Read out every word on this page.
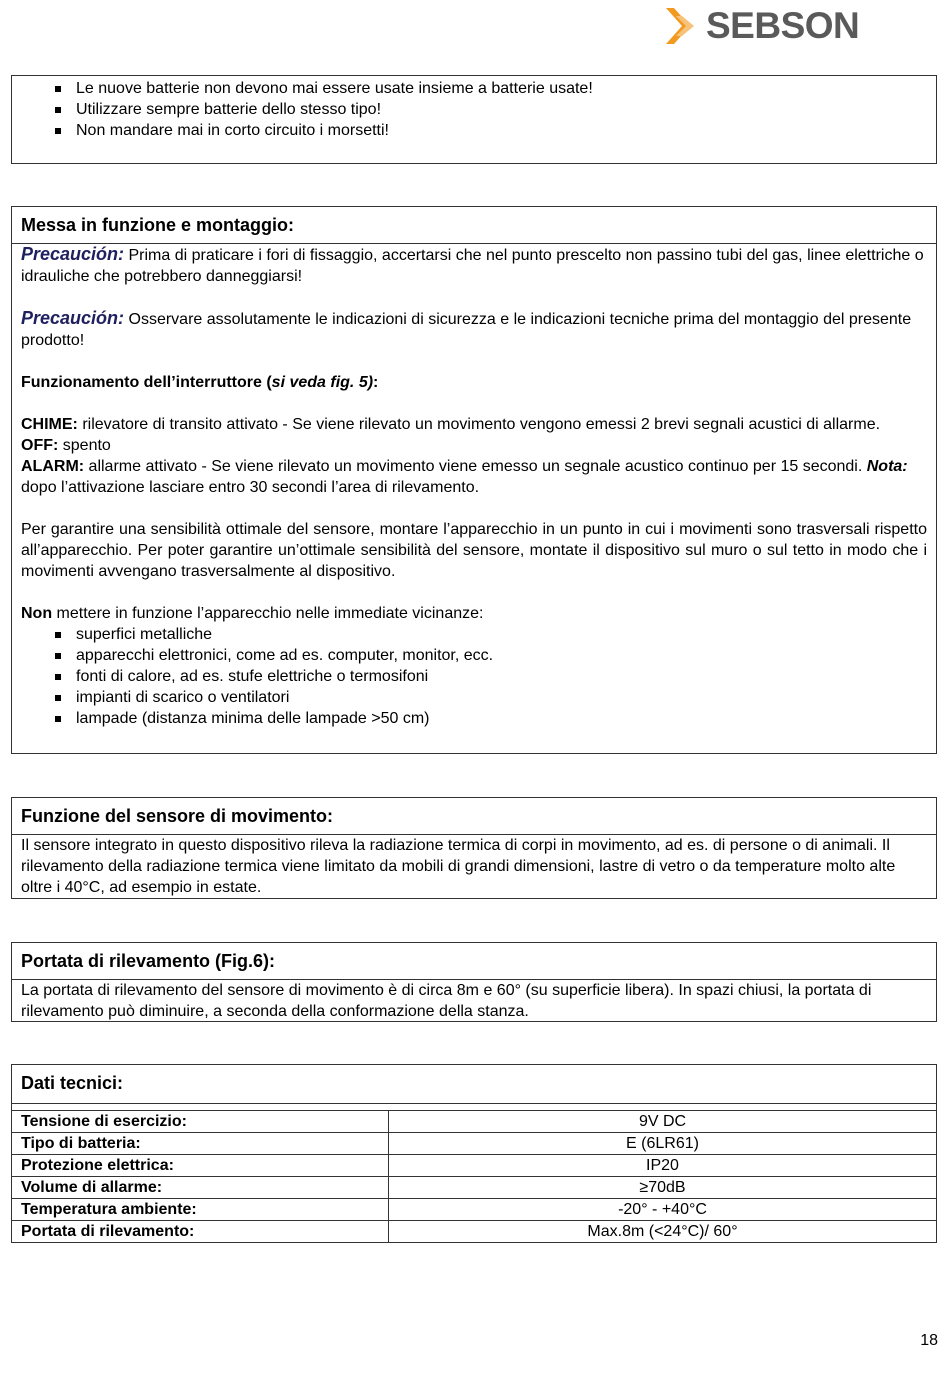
SEBSON
Le nuove batterie non devono mai essere usate insieme a batterie usate!
Utilizzare sempre batterie dello stesso tipo!
Non mandare mai in corto circuito i morsetti!
Messa in funzione e montaggio:

Precaución: Prima di praticare i fori di fissaggio, accertarsi che nel punto prescelto non passino tubi del gas, linee elettriche o idrauliche che potrebbero danneggiarsi!

Precaución: Osservare assolutamente le indicazioni di sicurezza e le indicazioni tecniche prima del montaggio del presente prodotto!

Funzionamento dell’interruttore (si veda fig. 5):

CHIME: rilevatore di transito attivato - Se viene rilevato un movimento vengono emessi 2 brevi segnali acustici di allarme.

OFF: spento

ALARM: allarme attivato - Se viene rilevato un movimento viene emesso un segnale acustico continuo per 15 secondi. Nota: dopo l’attivazione lasciare entro 30 secondi l’area di rilevamento.

Per garantire una sensibilità ottimale del sensore, montare l’apparecchio in un punto in cui i movimenti sono trasversali rispetto all’apparecchio. Per poter garantire un’ottimale sensibilità del sensore, montate il dispositivo sul muro o sul tetto in modo che i movimenti avvengano trasversalmente al dispositivo.

Non mettere in funzione l’apparecchio nelle immediate vicinanze:

superfici metalliche
apparecchi elettronici, come ad es. computer, monitor, ecc.
fonti di calore, ad es. stufe elettriche o termosifoni
impianti di scarico o ventilatori
lampade (distanza minima delle lampade >50 cm)
Funzione del sensore di movimento:

Il sensore integrato in questo dispositivo rileva la radiazione termica di corpi in movimento, ad es. di persone o di animali. Il rilevamento della radiazione termica viene limitato da mobili di grandi dimensioni, lastre di vetro o da temperature molto alte oltre i 40°C, ad esempio in estate.

Portata di rilevamento (Fig.6):

La portata di rilevamento del sensore di movimento è di circa 8m e 60° (su superficie libera). In spazi chiusi, la portata di rilevamento può diminuire, a seconda della conformazione della stanza.

Dati tecnici:
Tensione di esercizio:	9V DC
Tipo di batteria:	E (6LR61)
Protezione elettrica:	IP20
Volume di allarme:	≥70dB
Temperatura ambiente:	-20° - +40°C
Portata di rilevamento:	Max.8m (<24°C)/ 60°
18
